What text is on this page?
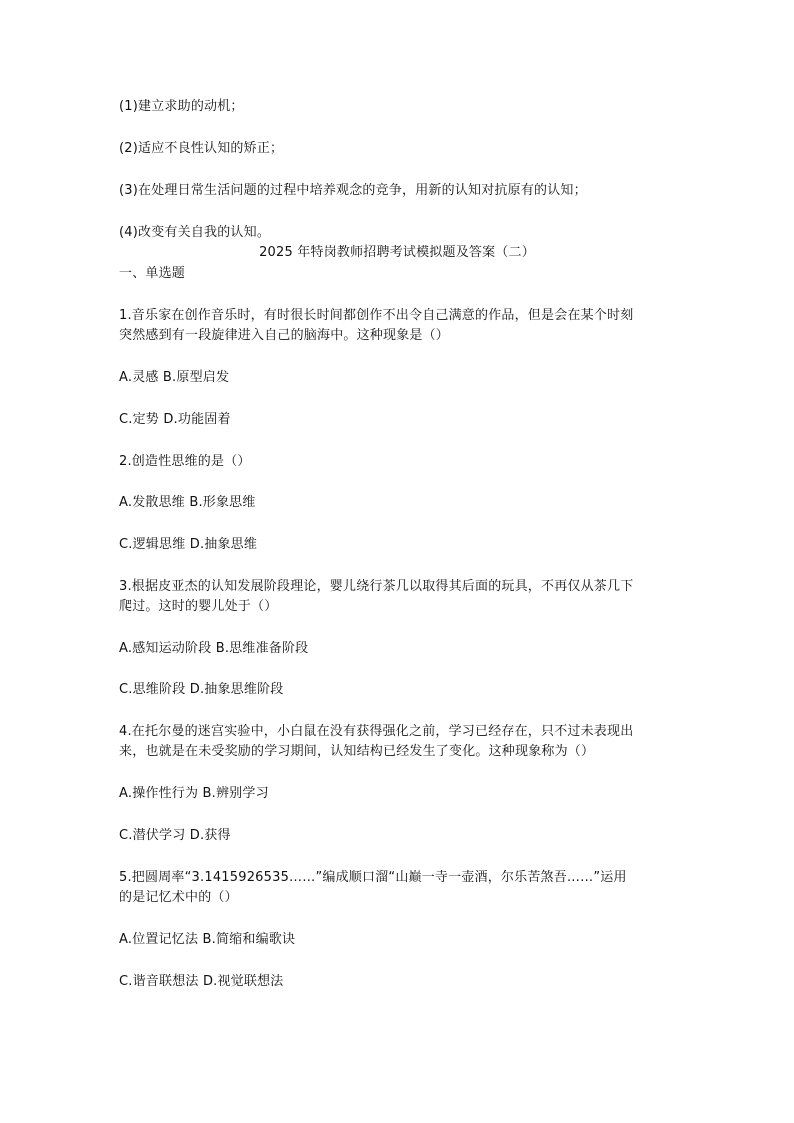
(1)建立求助的动机；
(2)适应不良性认知的矫正；
(3)在处理日常生活问题的过程中培养观念的竞争，用新的认知对抗原有的认知；
(4)改变有关自我的认知。
2025 年特岗教师招聘考试模拟题及答案（二）
一、单选题
1.音乐家在创作音乐时，有时很长时间都创作不出令自己满意的作品，但是会在某个时刻
突然感到有一段旋律进入自己的脑海中。这种现象是（）
A.灵感 B.原型启发
C.定势 D.功能固着
2.创造性思维的是（）
A.发散思维 B.形象思维
C.逻辑思维 D.抽象思维
3.根据皮亚杰的认知发展阶段理论，婴儿绕行茶几以取得其后面的玩具，不再仅从茶几下
爬过。这时的婴儿处于（）
A.感知运动阶段 B.思维准备阶段
C.思维阶段 D.抽象思维阶段
4.在托尔曼的迷宫实验中，小白鼠在没有获得强化之前，学习已经存在，只不过未表现出
来，也就是在未受奖励的学习期间，认知结构已经发生了变化。这种现象称为（）
A.操作性行为 B.辨别学习
C.潜伏学习 D.获得
5.把圆周率“3.1415926535……”编成顺口溜“山巅一寺一壶酒，尔乐苦煞吾……”运用
的是记忆术中的（）
A.位置记忆法 B.简缩和编歌诀
C.谐音联想法 D.视觉联想法
